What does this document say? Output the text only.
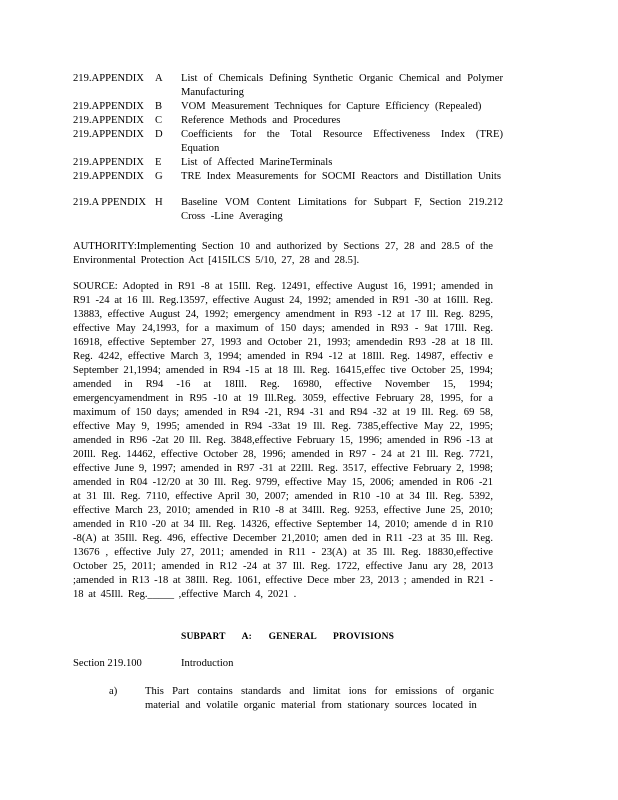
219.APPENDIX	A	List of Chemicals Defining Synthetic Organic Chemical and Polymer Manufacturing
219.APPENDIX	B	VOM Measurement Techniques for Capture Efficiency (Repealed)
219.APPENDIX	C	Reference Methods and Procedures
219.APPENDIX	D	Coefficients for the Total Resource Effectiveness Index (TRE) Equation
219.APPENDIX	E	List of Affected MarineTerminals
219.APPENDIX	G	TRE Index Measurements for SOCMI Reactors and Distillation Units
219.A PPENDIX H	Baseline VOM Content Limitations for Subpart F, Section 219.212 Cross -Line Averaging

AUTHORITY:Implementing Section 10 and authorized by Sections 27, 28 and 28.5 of the Environmental Protection Act [415ILCS 5/10, 27, 28 and 28.5].

SOURCE: Adopted in R91 -8 at 15Ill. Reg. 12491, effective August 16, 1991; amended in R91 -24 at 16 Ill. Reg.13597, effective August 24, 1992; amended in R91 -30 at 16Ill. Reg. 13883, effective August 24, 1992; emergency amendment in R93 -12 at 17 Ill. Reg. 8295, effective May 24,1993, for a maximum of 150 days; amended in R93 - 9at 17Ill. Reg. 16918, effective September 27, 1993 and October 21, 1993; amendedin R93 -28 at 18 Ill. Reg. 4242, effective March 3, 1994; amended in R94 -12 at 18Ill. Reg. 14987, effectiv e September 21,1994; amended in R94 -15 at 18 Ill. Reg. 16415,effec tive October 25, 1994; amended in R94 -16 at 18Ill. Reg. 16980, effective November 15, 1994; emergencyamendment in R95 -10 at 19 Ill.Reg. 3059, effective February 28, 1995, for a maximum of 150 days; amended in R94 -21, R94 -31 and R94 -32 at 19 Ill. Reg. 69 58, effective May 9, 1995; amended in R94 -33at 19 Ill. Reg. 7385,effective May 22, 1995; amended in R96 -2at 20 Ill. Reg. 3848,effective February 15, 1996; amended in R96 -13 at 20Ill. Reg. 14462, effective October 28, 1996; amended in R97 - 24 at 21 Ill. Reg. 7721, effective June 9, 1997; amended in R97 -31 at 22Ill. Reg. 3517, effective February 2, 1998; amended in R04 -12/20 at 30 Ill. Reg. 9799, effective May 15, 2006; amended in R06 -21 at 31 Ill. Reg. 7110, effective April 30, 2007; amended in R10 -10 at 34 Ill. Reg. 5392, effective March 23, 2010; amended in R10 -8 at 34Ill. Reg. 9253, effective June 25, 2010; amended in R10 -20 at 34 Ill. Reg. 14326, effective September 14, 2010; amende d in R10 -8(A) at 35Ill. Reg. 496, effective December 21,2010; amen ded in R11 -23 at 35 Ill. Reg. 13676 , effective July 27, 2011; amended in R11 - 23(A) at 35 Ill. Reg. 18830,effective October 25, 2011; amended in R12 -24 at 37 Ill. Reg. 1722, effective Janu ary 28, 2013 ;amended in R13 -18 at 38Ill. Reg. 1061, effective Dece mber 23, 2013 ; amended in R21 - 18 at 45Ill. Reg._____ ,effective March 4, 2021 .

SUBPART A: GENERAL PROVISIONS
Section 219.100	Introduction
a)	This Part contains standards and limitat ions for emissions of organic material and volatile organic material from stationary sources located in
